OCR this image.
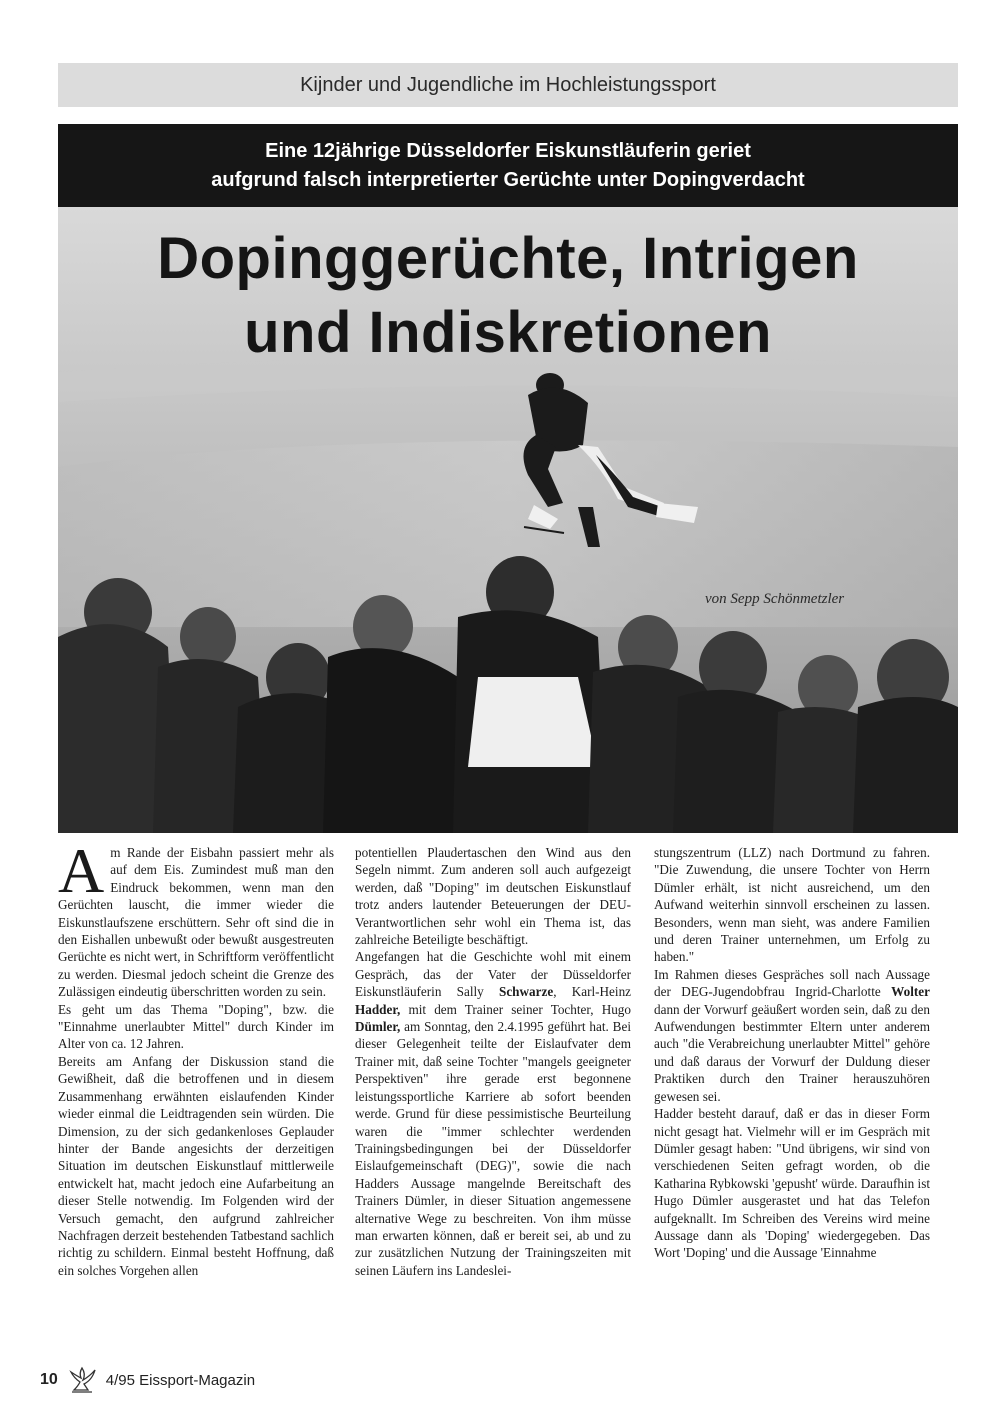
Kijnder und Jugendliche im Hochleistungssport
Eine 12jährige Düsseldorfer Eiskunstläuferin geriet
aufgrund falsch interpretierter Gerüchte unter Dopingverdacht
Dopinggerüchte, Intrigen
und Indiskretionen
von Sepp Schönmetzler

Am Rande der Eisbahn passiert mehr als auf dem Eis. Zumindest muß man den Eindruck bekommen, wenn man den Gerüchten lauscht, die immer wieder die Eiskunstlaufszene erschüttern. Sehr oft sind die in den Eishallen unbewußt oder bewußt ausgestreuten Gerüchte es nicht wert, in Schriftform veröffentlicht zu werden. Diesmal jedoch scheint die Grenze des Zulässigen eindeutig überschritten worden zu sein.

Es geht um das Thema "Doping", bzw. die "Einnahme unerlaubter Mittel" durch Kinder im Alter von ca. 12 Jahren.

Bereits am Anfang der Diskussion stand die Gewißheit, daß die betroffenen und in diesem Zusammenhang erwähnten eislaufenden Kinder wieder einmal die Leidtragenden sein würden. Die Dimension, zu der sich gedankenloses Geplauder hinter der Bande angesichts der derzeitigen Situation im deutschen Eiskunstlauf mittlerweile entwickelt hat, macht jedoch eine Aufarbeitung an dieser Stelle notwendig. Im Folgenden wird der Versuch gemacht, den aufgrund zahlreicher Nachfragen derzeit bestehenden Tatbestand sachlich richtig zu schildern. Einmal besteht Hoffnung, daß ein solches Vorgehen allen

potentiellen Plaudertaschen den Wind aus den Segeln nimmt. Zum anderen soll auch aufgezeigt werden, daß "Doping" im deutschen Eiskunstlauf trotz anders lautender Beteuerungen der DEU-Verantwortlichen sehr wohl ein Thema ist, das zahlreiche Beteiligte beschäftigt.

Angefangen hat die Geschichte wohl mit einem Gespräch, das der Vater der Düsseldorfer Eiskunstläuferin Sally Schwarze, Karl-Heinz Hadder, mit dem Trainer seiner Tochter, Hugo Dümler, am Sonntag, den 2.4.1995 geführt hat. Bei dieser Gelegenheit teilte der Eislaufvater dem Trainer mit, daß seine Tochter "mangels geeigneter Perspektiven" ihre gerade erst begonnene leistungssportliche Karriere ab sofort beenden werde. Grund für diese pessimistische Beurteilung waren die "immer schlechter werdenden Trainingsbedingungen bei der Düsseldorfer Eislaufgemeinschaft (DEG)", sowie die nach Hadders Aussage mangelnde Bereitschaft des Trainers Dümler, in dieser Situation angemessene alternative Wege zu beschreiten. Von ihm müsse man erwarten können, daß er bereit sei, ab und zu zur zusätzlichen Nutzung der Trainingszeiten mit seinen Läufern ins Landeslei-

stungszentrum (LLZ) nach Dortmund zu fahren. "Die Zuwendung, die unsere Tochter von Herrn Dümler erhält, ist nicht ausreichend, um den Aufwand weiterhin sinnvoll erscheinen zu lassen. Besonders, wenn man sieht, was andere Familien und deren Trainer unternehmen, um Erfolg zu haben."

Im Rahmen dieses Gespräches soll nach Aussage der DEG-Jugendobfrau Ingrid-Charlotte Wolter dann der Vorwurf geäußert worden sein, daß zu den Aufwendungen bestimmter Eltern unter anderem auch "die Verabreichung unerlaubter Mittel" gehöre und daß daraus der Vorwurf der Duldung dieser Praktiken durch den Trainer herauszuhören gewesen sei.

Hadder besteht darauf, daß er das in dieser Form nicht gesagt hat. Vielmehr will er im Gespräch mit Dümler gesagt haben: "Und übrigens, wir sind von verschiedenen Seiten gefragt worden, ob die Katharina Rybkowski 'gepusht' würde. Daraufhin ist Hugo Dümler ausgerastet und hat das Telefon aufgeknallt. Im Schreiben des Vereins wird meine Aussage dann als 'Doping' wiedergegeben. Das Wort 'Doping' und die Aussage 'Einnahme

10	4/95 Eissport-Magazin
